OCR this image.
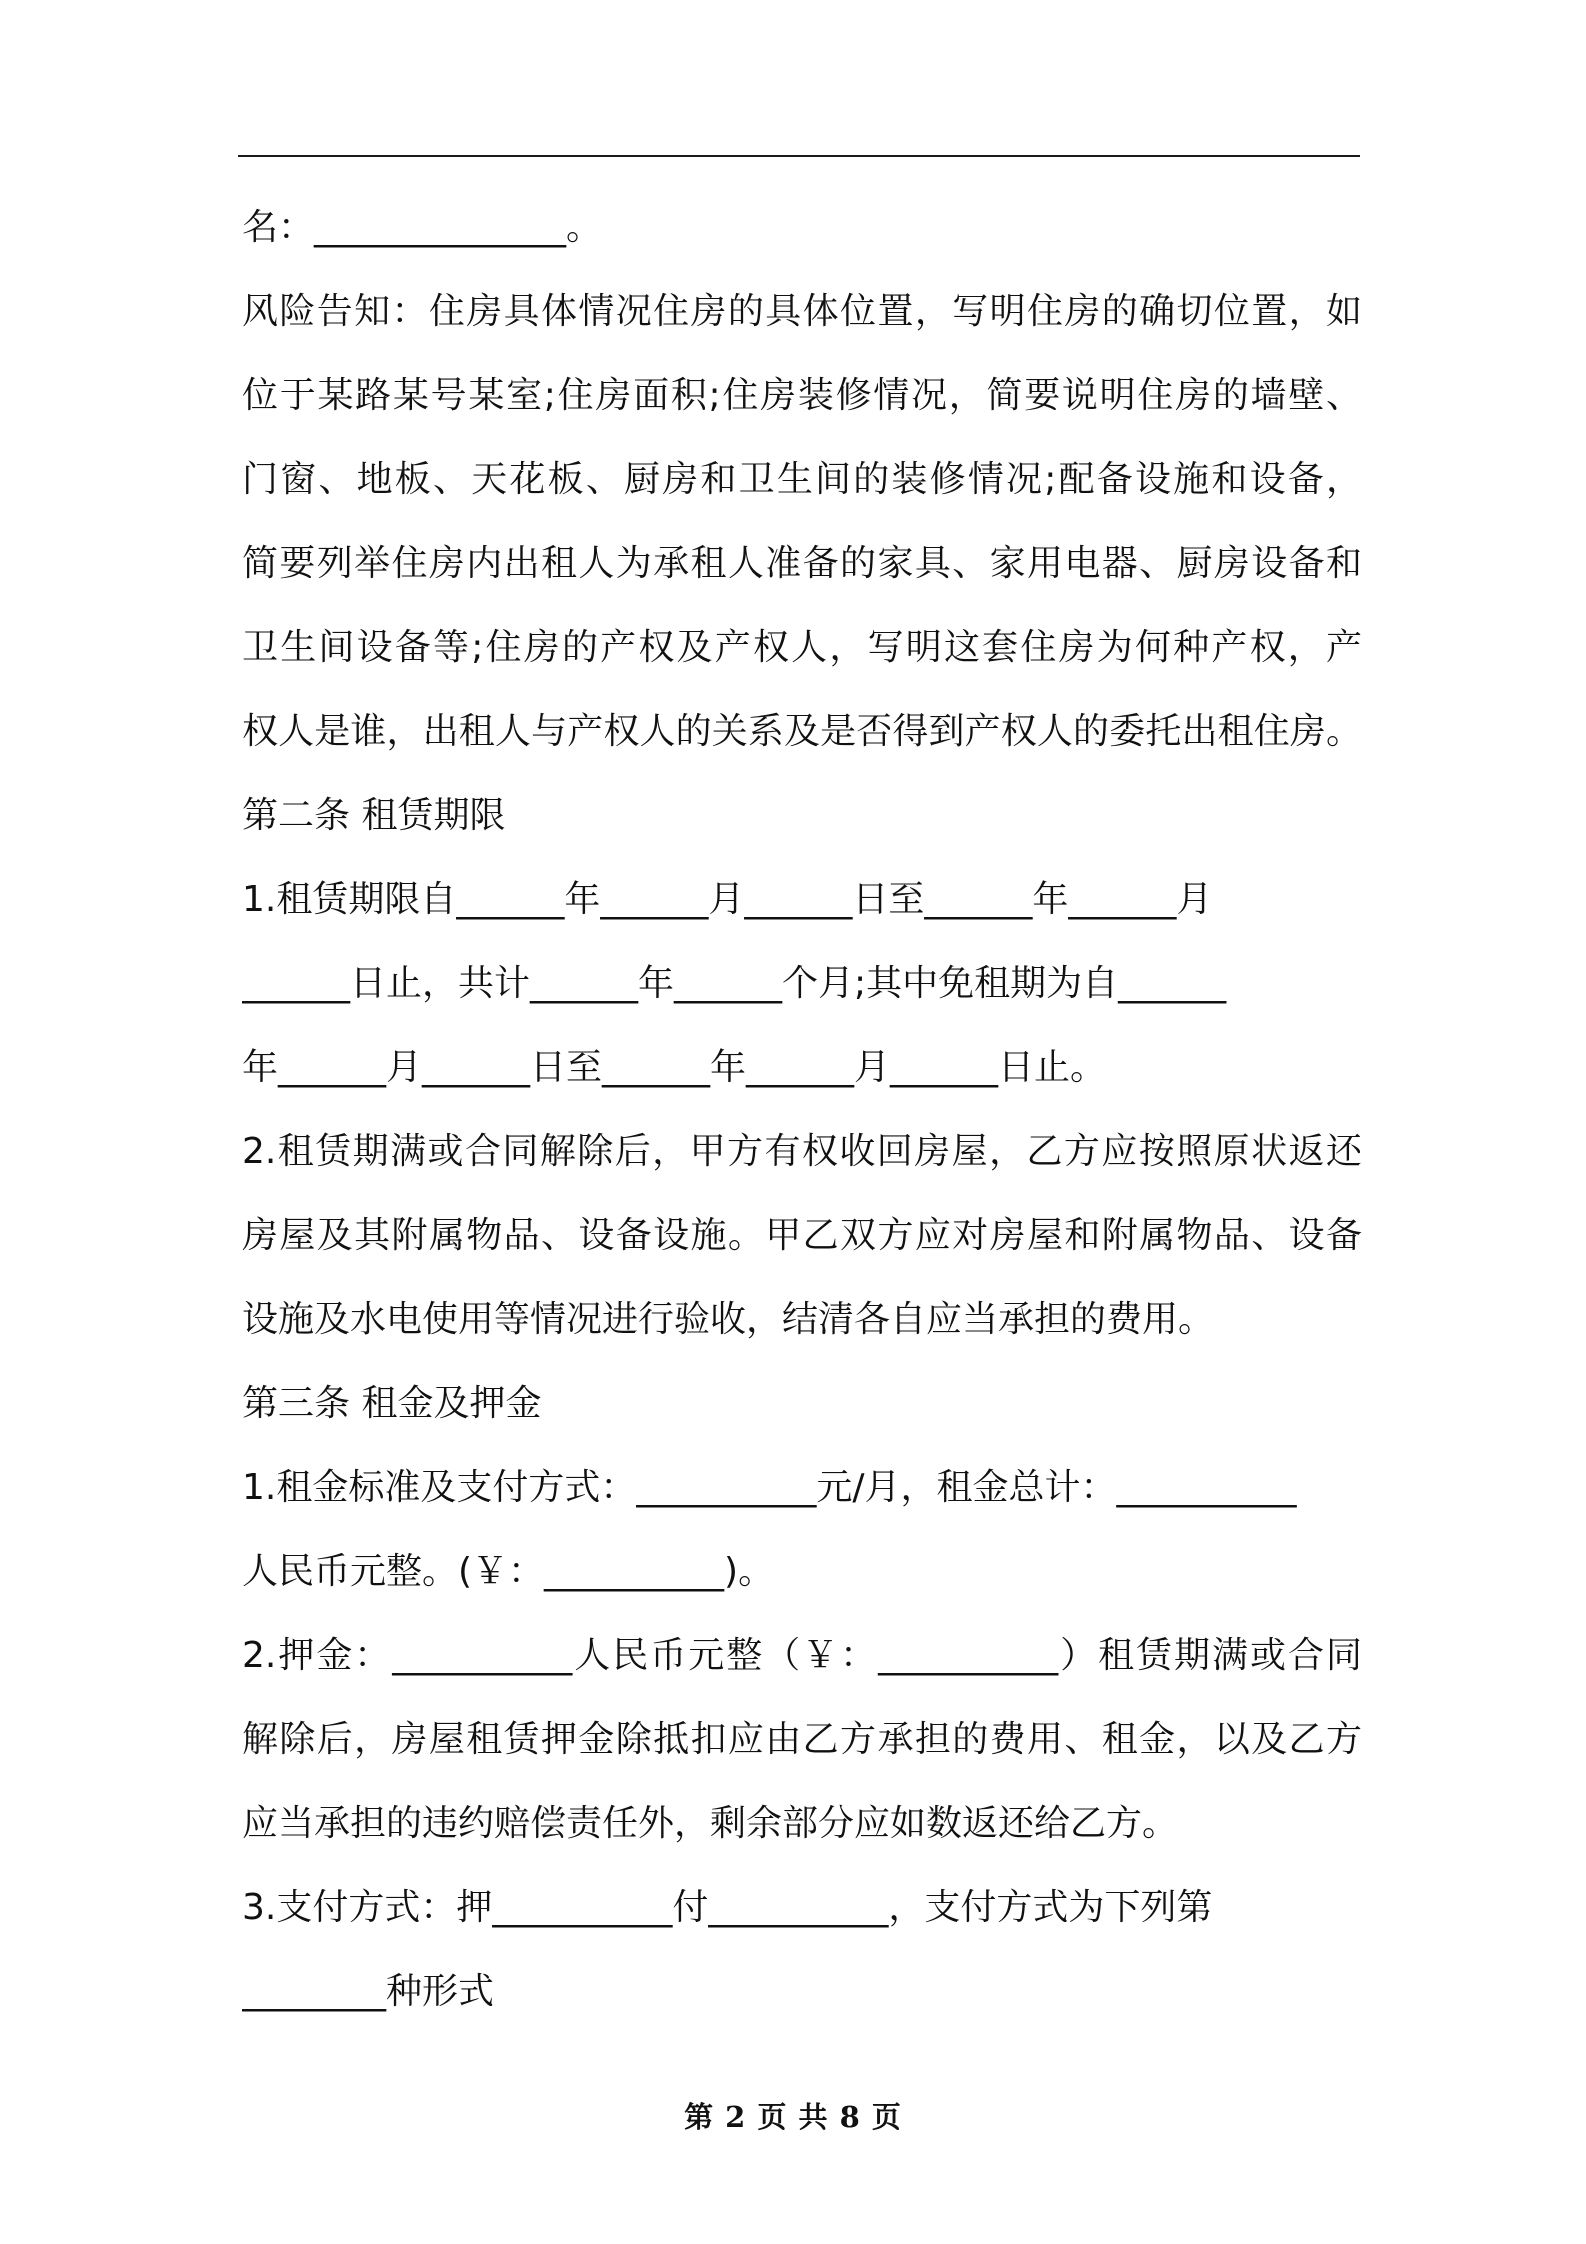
名：______________。
风险告知：住房具体情况住房的具体位置，写明住房的确切位置，如
位于某路某号某室;住房面积;住房装修情况，简要说明住房的墙壁、
门窗、地板、天花板、厨房和卫生间的装修情况;配备设施和设备，
简要列举住房内出租人为承租人准备的家具、家用电器、厨房设备和
卫生间设备等;住房的产权及产权人，写明这套住房为何种产权，产
权人是谁，出租人与产权人的关系及是否得到产权人的委托出租住房。
第二条 租赁期限
1.租赁期限自______年______月______日至______年______月
______日止，共计______年______个月;其中免租期为自______
年______月______日至______年______月______日止。
2.租赁期满或合同解除后，甲方有权收回房屋，乙方应按照原状返还
房屋及其附属物品、设备设施。甲乙双方应对房屋和附属物品、设备
设施及水电使用等情况进行验收，结清各自应当承担的费用。
第三条 租金及押金
1.租金标准及支付方式：__________元/月，租金总计：__________
人民币元整。(￥：__________)。
2.押金：__________人民币元整（￥：__________）租赁期满或合同
解除后，房屋租赁押金除抵扣应由乙方承担的费用、租金，以及乙方
应当承担的违约赔偿责任外，剩余部分应如数返还给乙方。
3.支付方式：押__________付__________，支付方式为下列第
________种形式
第 2 页 共 8 页
